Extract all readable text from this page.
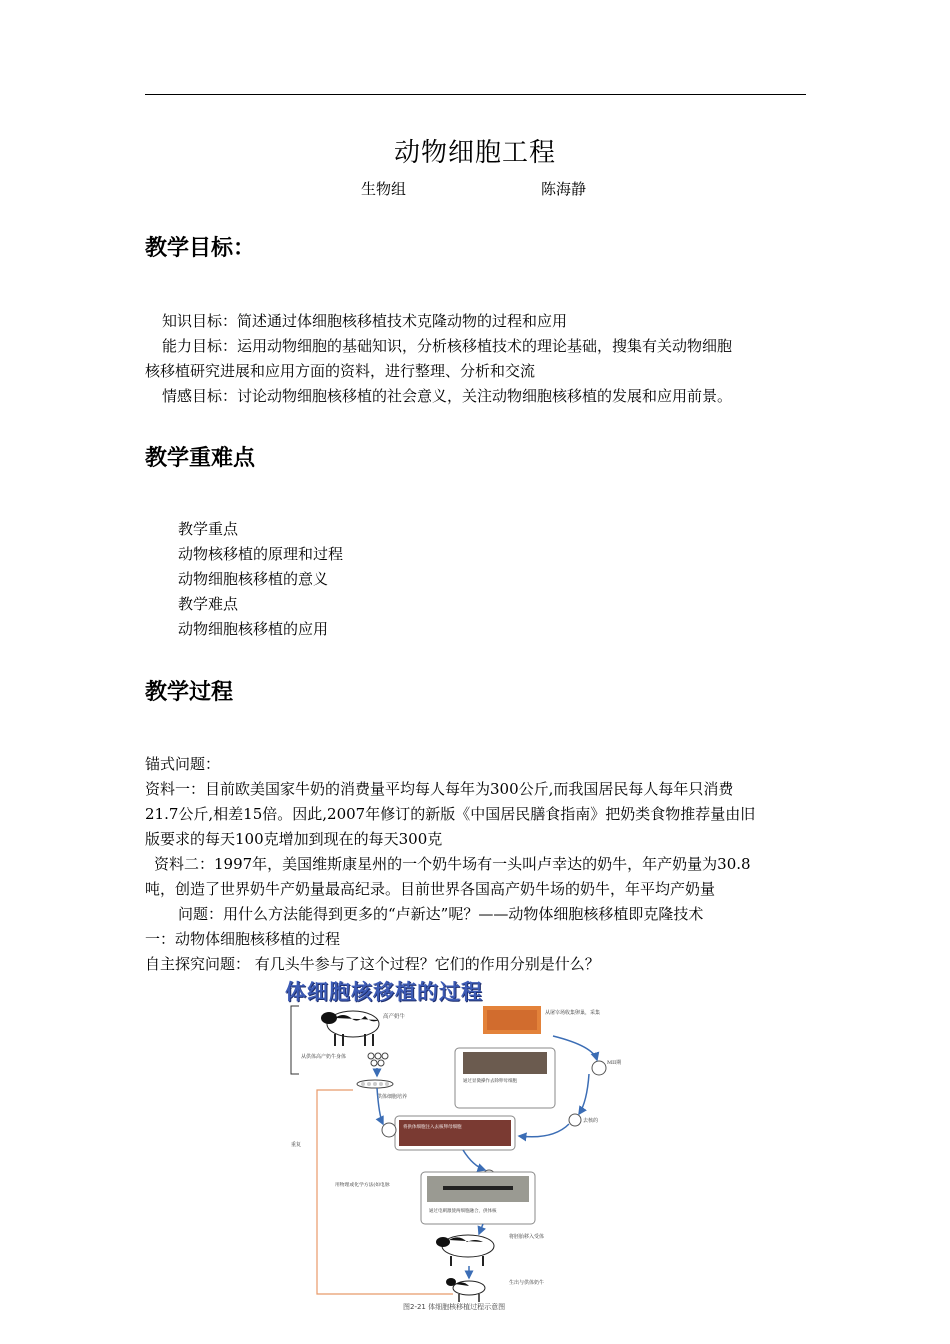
动物细胞工程
生物组	陈海静
教学目标：
知识目标：简述通过体细胞核移植技术克隆动物的过程和应用
能力目标：运用动物细胞的基础知识，分析核移植技术的理论基础，搜集有关动物细胞
核移植研究进展和应用方面的资料，进行整理、分析和交流
情感目标：讨论动物细胞核移植的社会意义，关注动物细胞核移植的发展和应用前景。
教学重难点
教学重点
动物核移植的原理和过程
动物细胞核移植的意义
教学难点
动物细胞核移植的应用
教学过程
锚式问题：
资料一：目前欧美国家牛奶的消费量平均每人每年为300公斤,而我国居民每人每年只消费
21.7公斤,相差15倍。因此,2007年修订的新版《中国居民膳食指南》把奶类食物推荐量由旧
版要求的每天100克增加到现在的每天300克
资料二：1997年，美国维斯康星州的一个奶牛场有一头叫卢幸达的奶牛，年产奶量为30.8
吨，创造了世界奶牛产奶量最高纪录。目前世界各国高产奶牛场的奶牛，年平均产奶量
问题：用什么方法能得到更多的“卢新达”呢？——动物体细胞核移植即克隆技术
一：动物体细胞核移植的过程
自主探究问题： 有几头牛参与了这个过程？它们的作用分别是什么？
体细胞核移植的过程
高产奶牛
从供体高产奶牛身体
供体细胞培养
从屠宰场收集卵巢，采集
MII期
通过显微操作去除卵母细胞
去核的
将供体细胞注入去核卵母细胞
用物理或化学方法(如电脉
通过电刺激使两细胞融合，供体核
将胚胎移入受体
生出与供体奶牛
重复
图2-21 体细胞核移植过程示意图
